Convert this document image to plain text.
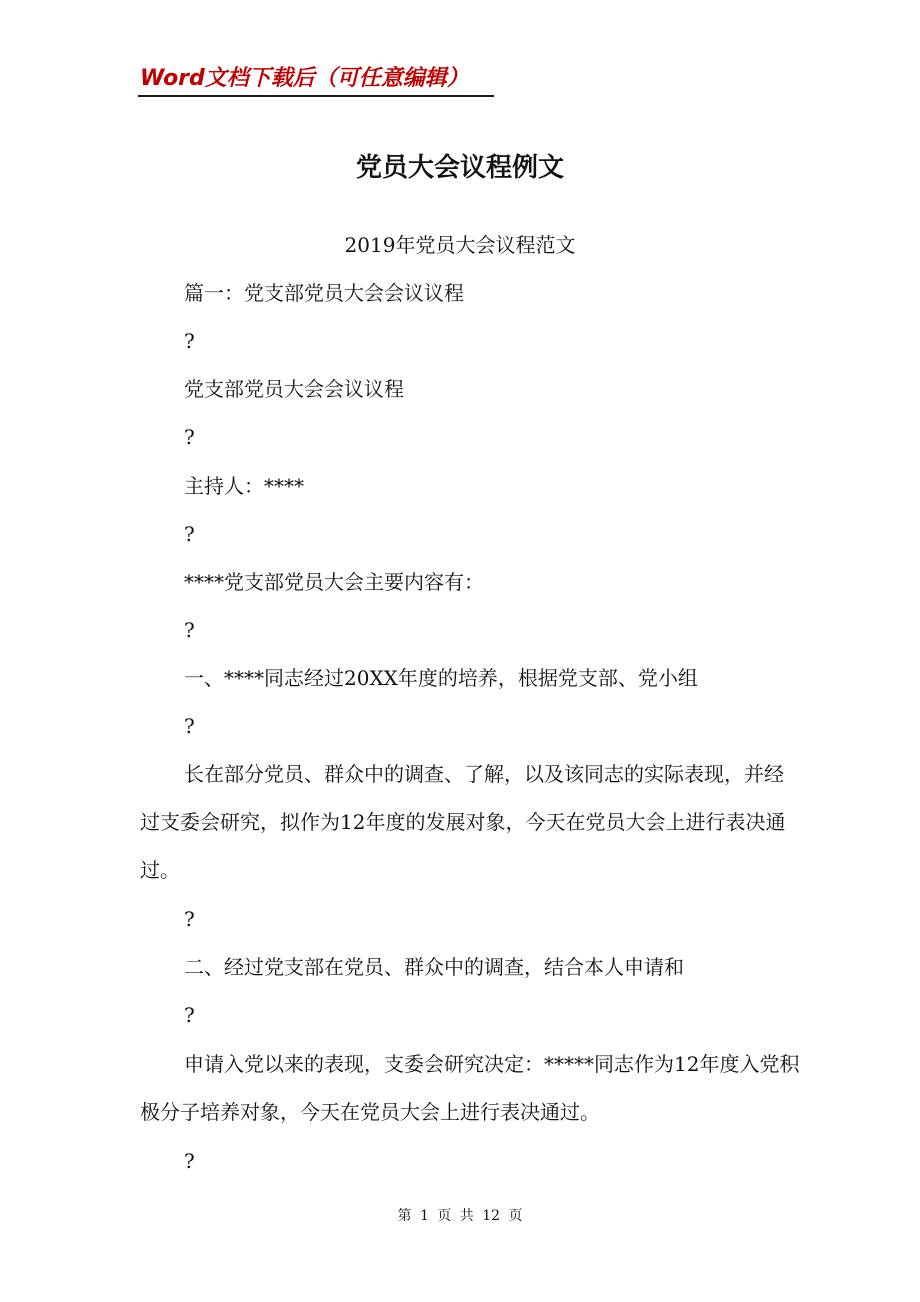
Word文档下载后（可任意编辑）
党员大会议程例文
2019年党员大会议程范文
篇一：党支部党员大会会议议程
?
党支部党员大会会议议程
?
主持人：****
?
****党支部党员大会主要内容有：
?
一、****同志经过20XX年度的培养，根据党支部、党小组
?
长在部分党员、群众中的调查、了解，以及该同志的实际表现，并经过支委会研究，拟作为12年度的发展对象，今天在党员大会上进行表决通过。
?
二、经过党支部在党员、群众中的调查，结合本人申请和
?
申请入党以来的表现，支委会研究决定：*****同志作为12年度入党积极分子培养对象，今天在党员大会上进行表决通过。
?
第 1 页 共 12 页
